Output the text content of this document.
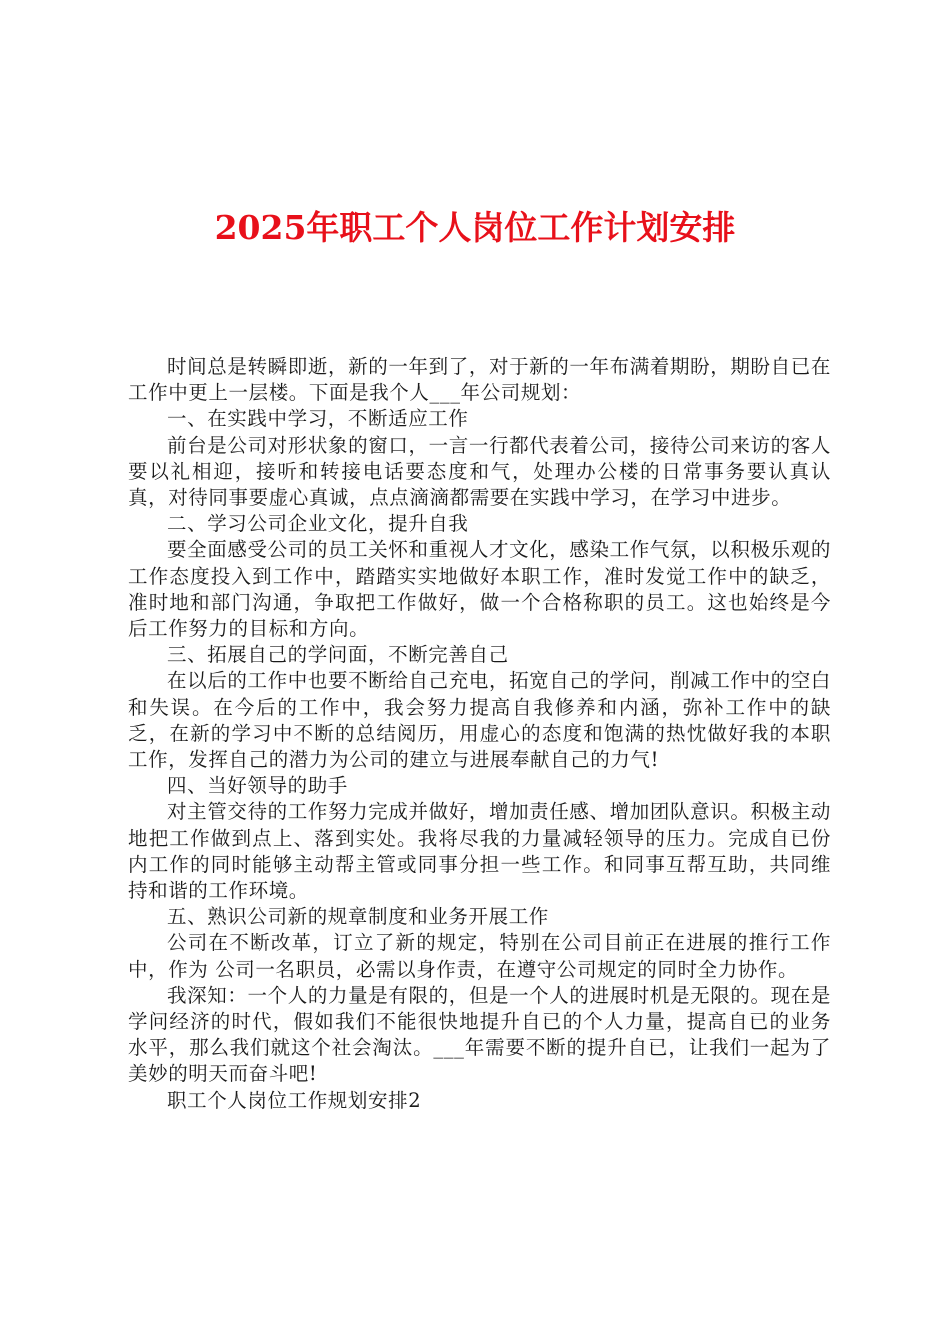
2025年职工个人岗位工作计划安排

时间总是转瞬即逝，新的一年到了，对于新的一年布满着期盼，期盼自已在工作中更上一层楼。下面是我个人___年公司规划：

一、在实践中学习，不断适应工作

前台是公司对形状象的窗口，一言一行都代表着公司，接待公司来访的客人要以礼相迎，接听和转接电话要态度和气，处理办公楼的日常事务要认真认真，对待同事要虚心真诚，点点滴滴都需要在实践中学习，在学习中进步。

二、学习公司企业文化，提升自我

要全面感受公司的员工关怀和重视人才文化，感染工作气氛，以积极乐观的工作态度投入到工作中，踏踏实实地做好本职工作，准时发觉工作中的缺乏，准时地和部门沟通，争取把工作做好，做一个合格称职的员工。这也始终是今后工作努力的目标和方向。

三、拓展自己的学问面，不断完善自己

在以后的工作中也要不断给自己充电，拓宽自己的学问，削减工作中的空白和失误。在今后的工作中，我会努力提高自我修养和内涵，弥补工作中的缺乏，在新的学习中不断的总结阅历，用虚心的态度和饱满的热忱做好我的本职工作，发挥自己的潜力为公司的建立与进展奉献自己的力气!

四、当好领导的助手

对主管交待的工作努力完成并做好，增加责任感、增加团队意识。积极主动地把工作做到点上、落到实处。我将尽我的力量减轻领导的压力。完成自已份内工作的同时能够主动帮主管或同事分担一些工作。和同事互帮互助，共同维持和谐的工作环境。

五、熟识公司新的规章制度和业务开展工作

公司在不断改革，订立了新的规定，特别在公司目前正在进展的推行工作中，作为 公司一名职员，必需以身作责，在遵守公司规定的同时全力协作。

我深知：一个人的力量是有限的，但是一个人的进展时机是无限的。现在是学问经济的时代，假如我们不能很快地提升自已的个人力量，提高自已的业务水平，那么我们就这个社会淘汰。___年需要不断的提升自已，让我们一起为了美妙的明天而奋斗吧!

职工个人岗位工作规划安排2
